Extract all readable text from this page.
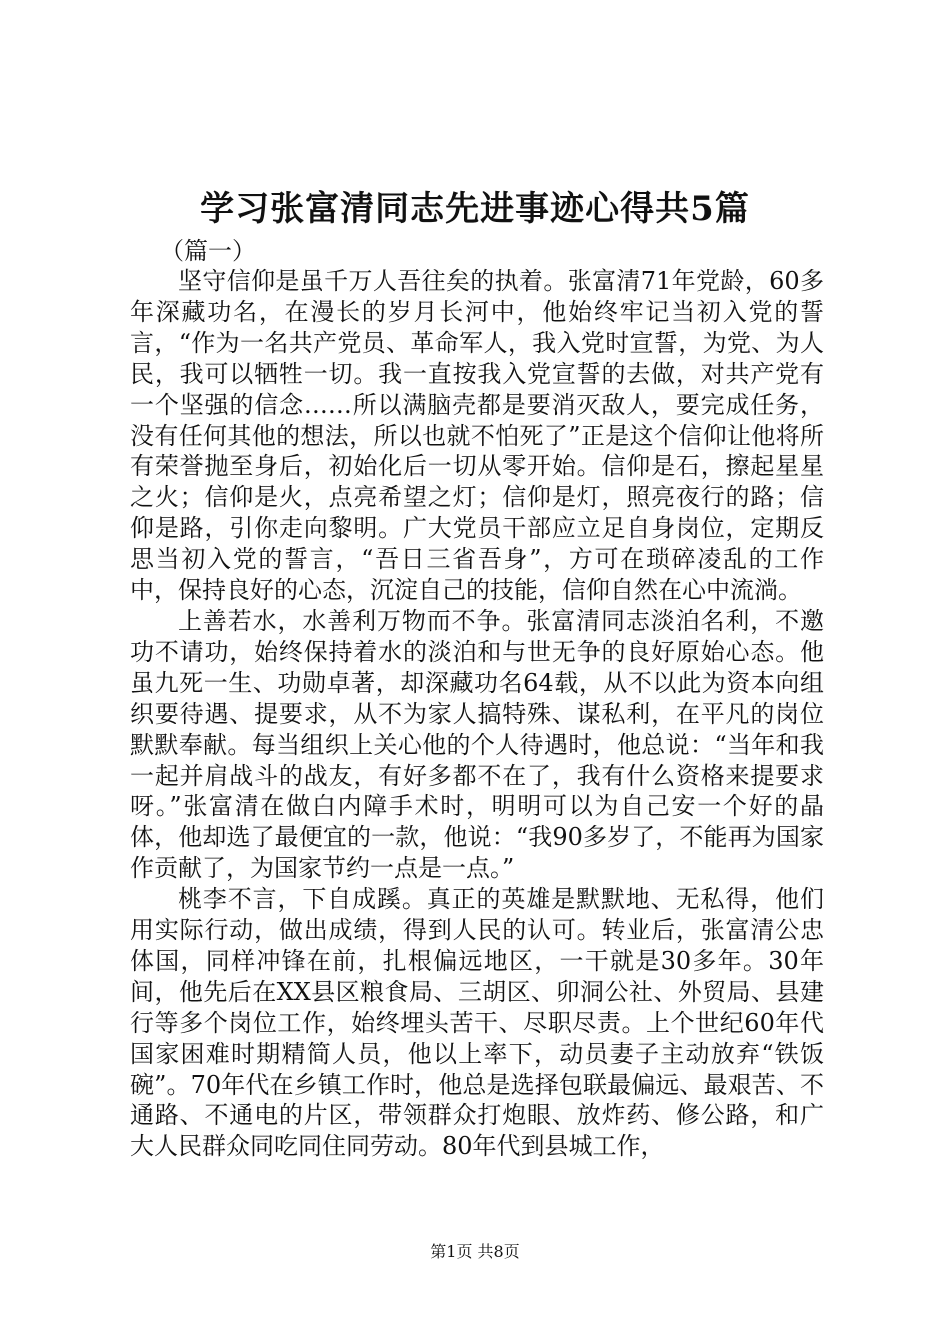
学习张富清同志先进事迹心得共5篇
（篇一）

坚守信仰是虽千万人吾往矣的执着。张富清71年党龄，60多年深藏功名，在漫长的岁月长河中，他始终牢记当初入党的誓言，“作为一名共产党员、革命军人，我入党时宣誓，为党、为人民，我可以牺牲一切。我一直按我入党宣誓的去做，对共产党有一个坚强的信念……所以满脑壳都是要消灭敌人，要完成任务，没有任何其他的想法，所以也就不怕死了”正是这个信仰让他将所有荣誉抛至身后，初始化后一切从零开始。信仰是石，擦起星星之火；信仰是火，点亮希望之灯；信仰是灯，照亮夜行的路；信仰是路，引你走向黎明。广大党员干部应立足自身岗位，定期反思当初入党的誓言，“吾日三省吾身”，方可在琐碎凌乱的工作中，保持良好的心态，沉淀自己的技能，信仰自然在心中流淌。

上善若水，水善利万物而不争。张富清同志淡泊名利，不邀功不请功，始终保持着水的淡泊和与世无争的良好原始心态。他虽九死一生、功勋卓著，却深藏功名64载，从不以此为资本向组织要待遇、提要求，从不为家人搞特殊、谋私利，在平凡的岗位默默奉献。每当组织上关心他的个人待遇时，他总说：“当年和我一起并肩战斗的战友，有好多都不在了，我有什么资格来提要求呀。”张富清在做白内障手术时，明明可以为自己安一个好的晶体，他却选了最便宜的一款，他说：“我90多岁了，不能再为国家作贡献了，为国家节约一点是一点。”

桃李不言，下自成蹊。真正的英雄是默默地、无私得，他们用实际行动，做出成绩，得到人民的认可。转业后，张富清公忠体国，同样冲锋在前，扎根偏远地区，一干就是30多年。30年间，他先后在XX县区粮食局、三胡区、卯洞公社、外贸局、县建行等多个岗位工作，始终埋头苦干、尽职尽责。上个世纪60年代国家困难时期精简人员，他以上率下，动员妻子主动放弃“铁饭碗”。70年代在乡镇工作时，他总是选择包联最偏远、最艰苦、不通路、不通电的片区，带领群众打炮眼、放炸药、修公路，和广大人民群众同吃同住同劳动。80年代到县城工作，

第1页 共8页
